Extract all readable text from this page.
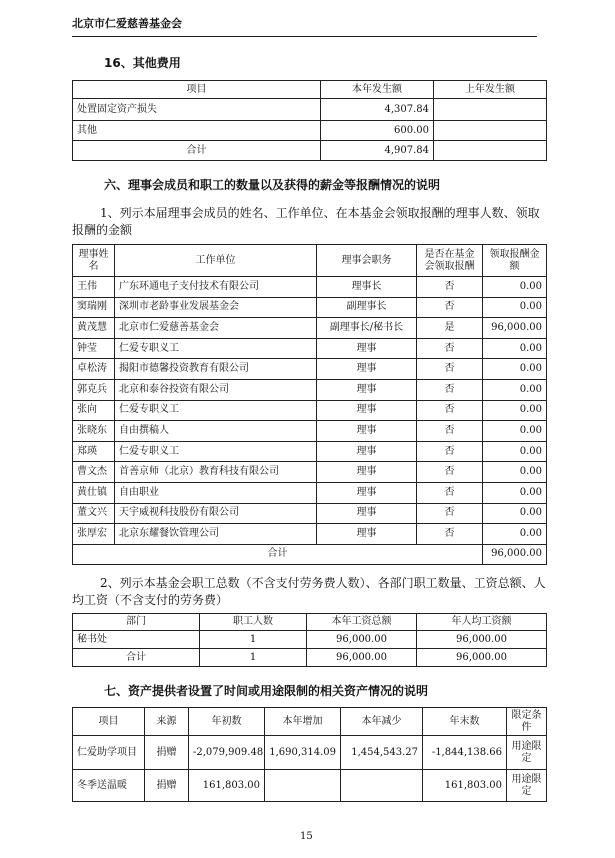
北京市仁爱慈善基金会
16、其他费用
项目	本年发生额	上年发生额
处置固定资产损失	4,307.84	
其他	600.00	
合计	4,907.84	
六、理事会成员和职工的数量以及获得的薪金等报酬情况的说明
1、列示本届理事会成员的姓名、工作单位、在本基金会领取报酬的理事人数、领取报酬的金额
理事姓名	工作单位	理事会职务	是否在基金会领取报酬	领取报酬金额
王伟	广东环通电子支付技术有限公司	理事长	否	0.00
窦瑞刚	深圳市老龄事业发展基金会	副理事长	否	0.00
黄茂慧	北京市仁爱慈善基金会	副理事长/秘书长	是	96,000.00
钟莹	仁爱专职义工	理事	否	0.00
卓松涛	揭阳市德馨投资教育有限公司	理事	否	0.00
郭克兵	北京和泰谷投资有限公司	理事	否	0.00
张向	仁爱专职义工	理事	否	0.00
张晓东	自由撰稿人	理事	否	0.00
郑瑛	仁爱专职义工	理事	否	0.00
曹文杰	首善京师（北京）教育科技有限公司	理事	否	0.00
黄仕镇	自由职业	理事	否	0.00
董文兴	天宇威视科技股份有限公司	理事	否	0.00
张厚宏	北京东耀餐饮管理公司	理事	否	0.00
合计				96,000.00
2、列示本基金会职工总数（不含支付劳务费人数）、各部门职工数量、工资总额、人均工资（不含支付的劳务费）
部门	职工人数	本年工资总额	年人均工资额
秘书处	1	96,000.00	96,000.00
合计	1	96,000.00	96,000.00
七、资产提供者设置了时间或用途限制的相关资产情况的说明
项目	来源	年初数	本年增加	本年减少	年末数	限定条件
仁爱助学项目	捐赠	-2,079,909.48	1,690,314.09	1,454,543.27	-1,844,138.66	用途限定
冬季送温暖	捐赠	161,803.00			161,803.00	用途限定
15
